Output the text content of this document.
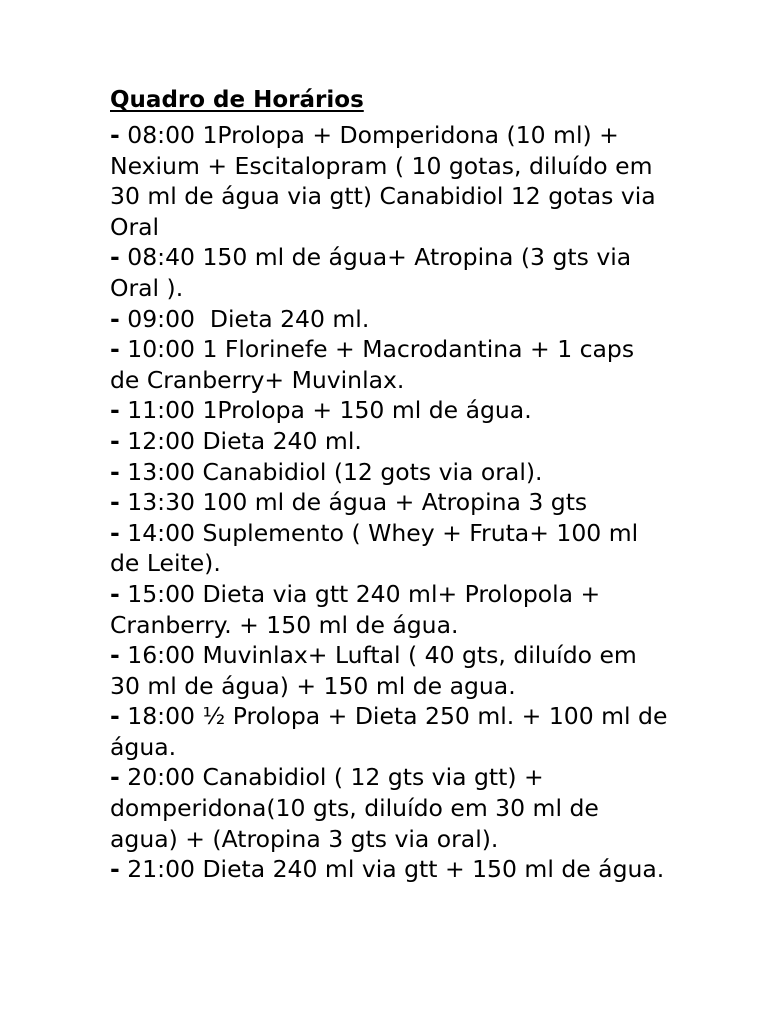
Quadro de Horários
- 08:00 1Prolopa + Domperidona (10 ml) + Nexium + Escitalopram ( 10 gotas, diluído em 30 ml de água via gtt) Canabidiol 12 gotas via Oral
- 08:40 150 ml de água+ Atropina (3 gts via Oral ).
- 09:00  Dieta 240 ml.
- 10:00 1 Florinefe + Macrodantina + 1 caps de Cranberry+ Muvinlax.
- 11:00 1Prolopa + 150 ml de água.
- 12:00 Dieta 240 ml.
- 13:00 Canabidiol (12 gots via oral).
- 13:30 100 ml de água + Atropina 3 gts
- 14:00 Suplemento ( Whey + Fruta+ 100 ml de Leite).
- 15:00 Dieta via gtt 240 ml+ Prolopola + Cranberry. + 150 ml de água.
- 16:00 Muvinlax+ Luftal ( 40 gts, diluído em 30 ml de água) + 150 ml de agua.
- 18:00 ½ Prolopa + Dieta 250 ml. + 100 ml de água.
- 20:00 Canabidiol ( 12 gts via gtt) + domperidona(10 gts, diluído em 30 ml de agua) + (Atropina 3 gts via oral).
- 21:00 Dieta 240 ml via gtt + 150 ml de água.
